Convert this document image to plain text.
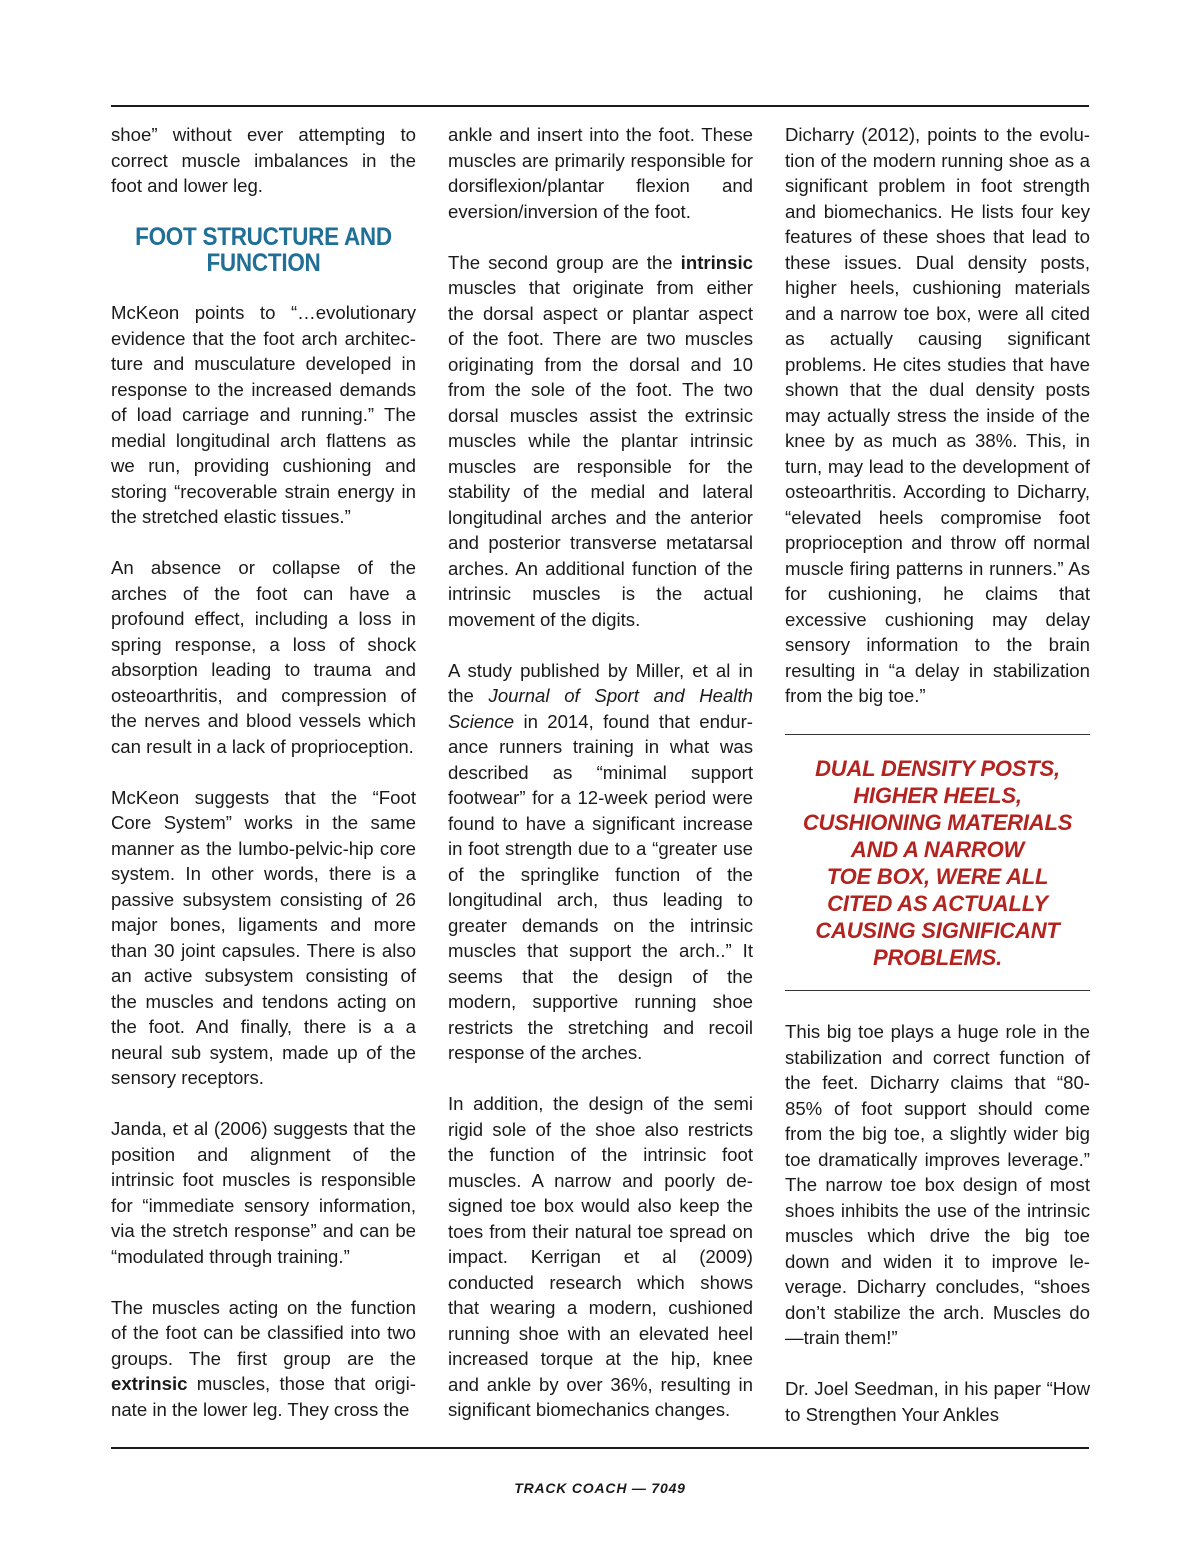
shoe” without ever attempting to correct muscle imbalances in the foot and lower leg.

FOOT STRUCTURE AND
FUNCTION

McKeon points to “…evolutionary evidence that the foot arch architecture and musculature developed in response to the increased demands of load carriage and running.” The medial longitudinal arch flattens as we run, providing cushioning and storing “recoverable strain energy in the stretched elastic tissues.”

An absence or collapse of the arches of the foot can have a profound effect, including a loss in spring response, a loss of shock absorption leading to trauma and osteoarthritis, and compression of the nerves and blood vessels which can result in a lack of proprioception.

McKeon suggests that the “Foot Core System” works in the same manner as the lumbo-pelvic-hip core system. In other words, there is a passive subsystem consisting of 26 major bones, ligaments and more than 30 joint capsules. There is also an active subsystem consisting of the muscles and tendons acting on the foot. And finally, there is a a neural sub system, made up of the sensory receptors.

Janda, et al (2006) suggests that the position and alignment of the intrinsic foot muscles is responsible for “immediate sensory information, via the stretch response” and can be “modulated through training.”

The muscles acting on the function of the foot can be classified into two groups. The first group are the extrinsic muscles, those that originate in the lower leg. They cross the

ankle and insert into the foot. These muscles are primarily responsible for dorsiflexion/plantar flexion and eversion/inversion of the foot.

The second group are the intrinsic muscles that originate from either the dorsal aspect or plantar aspect of the foot. There are two muscles originating from the dorsal and 10 from the sole of the foot. The two dorsal muscles assist the extrinsic muscles while the plantar intrinsic muscles are responsible for the stability of the medial and lateral longitudinal arches and the anterior and posterior transverse metatarsal arches. An additional function of the intrinsic muscles is the actual movement of the digits.

A study published by Miller, et al in the Journal of Sport and Health Science in 2014, found that endurance runners training in what was described as “minimal support footwear” for a 12-week period were found to have a significant increase in foot strength due to a “greater use of the springlike function of the longitudinal arch, thus leading to greater demands on the intrinsic muscles that support the arch..” It seems that the design of the modern, supportive running shoe restricts the stretching and recoil response of the arches.

In addition, the design of the semi rigid sole of the shoe also restricts the function of the intrinsic foot muscles. A narrow and poorly designed toe box would also keep the toes from their natural toe spread on impact. Kerrigan et al (2009) conducted research which shows that wearing a modern, cushioned running shoe with an elevated heel increased torque at the hip, knee and ankle by over 36%, resulting in significant biomechanics changes.

Dicharry (2012), points to the evolution of the modern running shoe as a significant problem in foot strength and biomechanics. He lists four key features of these shoes that lead to these issues. Dual density posts, higher heels, cushioning materials and a narrow toe box, were all cited as actually causing significant problems. He cites studies that have shown that the dual density posts may actually stress the inside of the knee by as much as 38%. This, in turn, may lead to the development of osteoarthritis. According to Dicharry, “elevated heels compromise foot proprioception and throw off normal muscle firing patterns in runners.” As for cushioning, he claims that excessive cushioning may delay sensory information to the brain resulting in “a delay in stabilization from the big toe.”

DUAL DENSITY POSTS,
HIGHER HEELS,
CUSHIONING MATERIALS
AND A NARROW
TOE BOX, WERE ALL
CITED AS ACTUALLY
CAUSING SIGNIFICANT
PROBLEMS.

This big toe plays a huge role in the stabilization and correct function of the feet. Dicharry claims that “80-85% of foot support should come from the big toe, a slightly wider big toe dramatically improves leverage.” The narrow toe box design of most shoes inhibits the use of the intrinsic muscles which drive the big toe down and widen it to improve leverage. Dicharry concludes, “shoes don’t stabilize the arch. Muscles do —train them!”

Dr. Joel Seedman, in his paper “How to Strengthen Your Ankles

TRACK COACH — 7049
